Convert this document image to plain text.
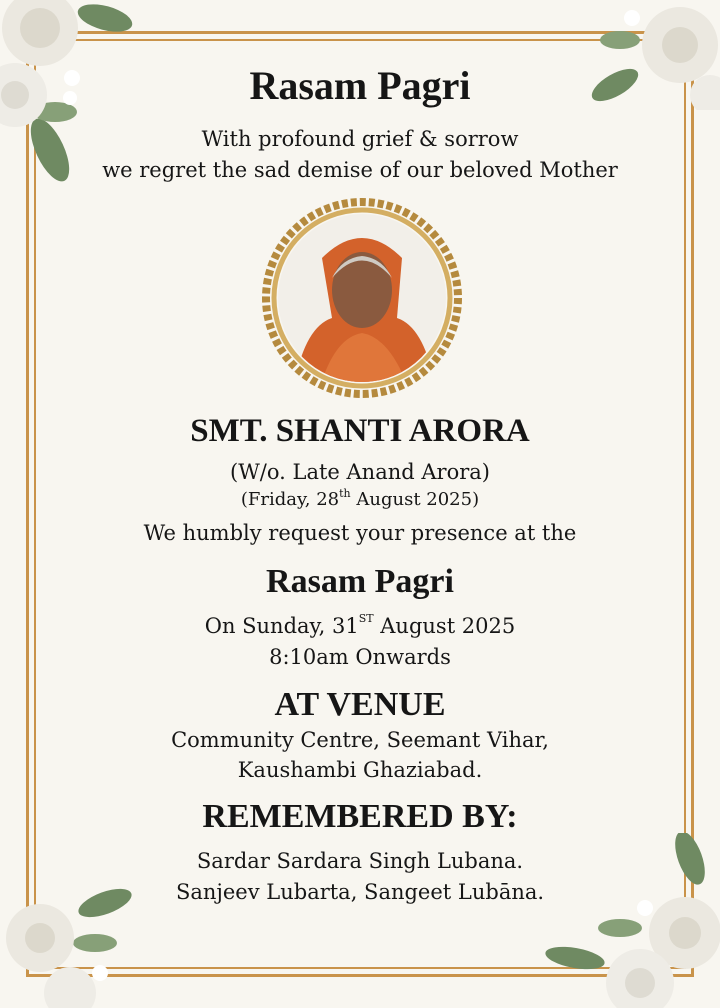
Rasam Pagri
With profound grief & sorrow
we regret the sad demise of our beloved Mother
SMT. SHANTI ARORA
(W/o. Late Anand Arora)
(Friday, 28th August 2025)
We humbly request your presence at the
Rasam Pagri
On Sunday, 31ST August 2025
8:10am Onwards
AT VENUE
Community Centre, Seemant Vihar,
Kaushambi Ghaziabad.
REMEMBERED BY:
Sardar Sardara Singh Lubana.
Sanjeev Lubarta, Sangeet Lubāna.
